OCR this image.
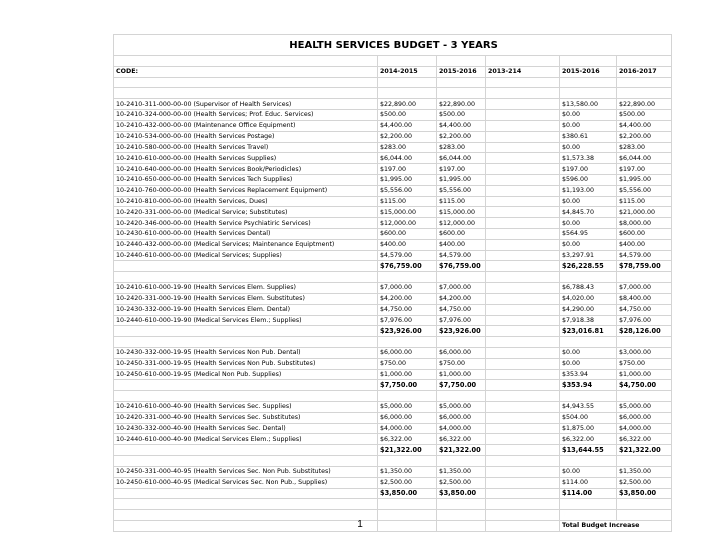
HEALTH SERVICES BUDGET - 3 YEARS					

CODE:	2014-2015	2015-2016	2013-214	2015-2016	2016-2017

10-2410-311-000-00-00 (Supervisor of Health Services)	$22,890.00	$22,890.00		$13,580.00	$22,890.00
10-2410-324-000-00-00 (Health Services; Prof. Educ. Services)	$500.00	$500.00		$0.00	$500.00
10-2410-432-000-00-00 (Maintenance Office Equipment)	$4,400.00	$4,400.00		$0.00	$4,400.00
10-2410-534-000-00-00 (Health Services Postage)	$2,200.00	$2,200.00		$380.61	$2,200.00
10-2410-580-000-00-00 (Health Services Travel)	$283.00	$283.00		$0.00	$283.00
10-2410-610-000-00-00 (Health Services Supplies)	$6,044.00	$6,044.00		$1,573.38	$6,044.00
10-2410-640-000-00-00 (Health Services Book/Periodicles)	$197.00	$197.00		$197.00	$197.00
10-2410-650-000-00-00 (Health Services Tech Supplies)	$1,995.00	$1,995.00		$596.00	$1,995.00
10-2410-760-000-00-00 (Health Services Replacement Equipment)	$5,556.00	$5,556.00		$1,193.00	$5,556.00
10-2410-810-000-00-00 (Health Services, Dues)	$115.00	$115.00		$0.00	$115.00
10-2420-331-000-00-00 (Medical Service; Substitutes)	$15,000.00	$15,000.00		$4,845.70	$21,000.00
10-2420-346-000-00-00 (Health Service Psychiatiric Services)	$12,000.00	$12,000.00		$0.00	$8,000.00
10-2430-610-000-00-00 (Health Services Dental)	$600.00	$600.00		$564.95	$600.00
10-2440-432-000-00-00 (Medical Services; Maintenance Equiptment)	$400.00	$400.00		$0.00	$400.00
10-2440-610-000-00-00 (Medical Services; Supplies)	$4,579.00	$4,579.00		$3,297.91	$4,579.00
	$76,759.00	$76,759.00		$26,228.55	$78,759.00

10-2410-610-000-19-90 (Health Services Elem. Supplies)	$7,000.00	$7,000.00		$6,788.43	$7,000.00
10-2420-331-000-19-90 (Health Services Elem. Substitutes)	$4,200.00	$4,200.00		$4,020.00	$8,400.00
10-2430-332-000-19-90 (Health Services Elem. Dental)	$4,750.00	$4,750.00		$4,290.00	$4,750.00
10-2440-610-000-19-90 (Medical Services Elem.; Supplies)	$7,976.00	$7,976.00		$7,918.38	$7,976.00
	$23,926.00	$23,926.00		$23,016.81	$28,126.00

10-2430-332-000-19-95 (Health Services Non Pub. Dental)	$6,000.00	$6,000.00		$0.00	$3,000.00
10-2450-331-000-19-95 (Health Services Non Pub. Substitutes)	$750.00	$750.00		$0.00	$750.00
10-2450-610-000-19-95 (Medical Non Pub. Supplies)	$1,000.00	$1,000.00		$353.94	$1,000.00
	$7,750.00	$7,750.00		$353.94	$4,750.00

10-2410-610-000-40-90 (Health Services Sec. Supplies)	$5,000.00	$5,000.00		$4,943.55	$5,000.00
10-2420-331-000-40-90 (Health Services Sec. Substitutes)	$6,000.00	$6,000.00		$504.00	$6,000.00
10-2430-332-000-40-90 (Health Services Sec. Dental)	$4,000.00	$4,000.00		$1,875.00	$4,000.00
10-2440-610-000-40-90 (Medical Services Elem.; Supplies)	$6,322.00	$6,322.00		$6,322.00	$6,322.00
	$21,322.00	$21,322.00		$13,644.55	$21,322.00

10-2450-331-000-40-95 (Health Services Sec. Non Pub. Substitutes)	$1,350.00	$1,350.00		$0.00	$1,350.00
10-2450-610-000-40-95 (Medical Services Sec. Non Pub., Supplies)	$2,500.00	$2,500.00		$114.00	$2,500.00
	$3,850.00	$3,850.00		$114.00	$3,850.00

				Total Budget Increase	
1
